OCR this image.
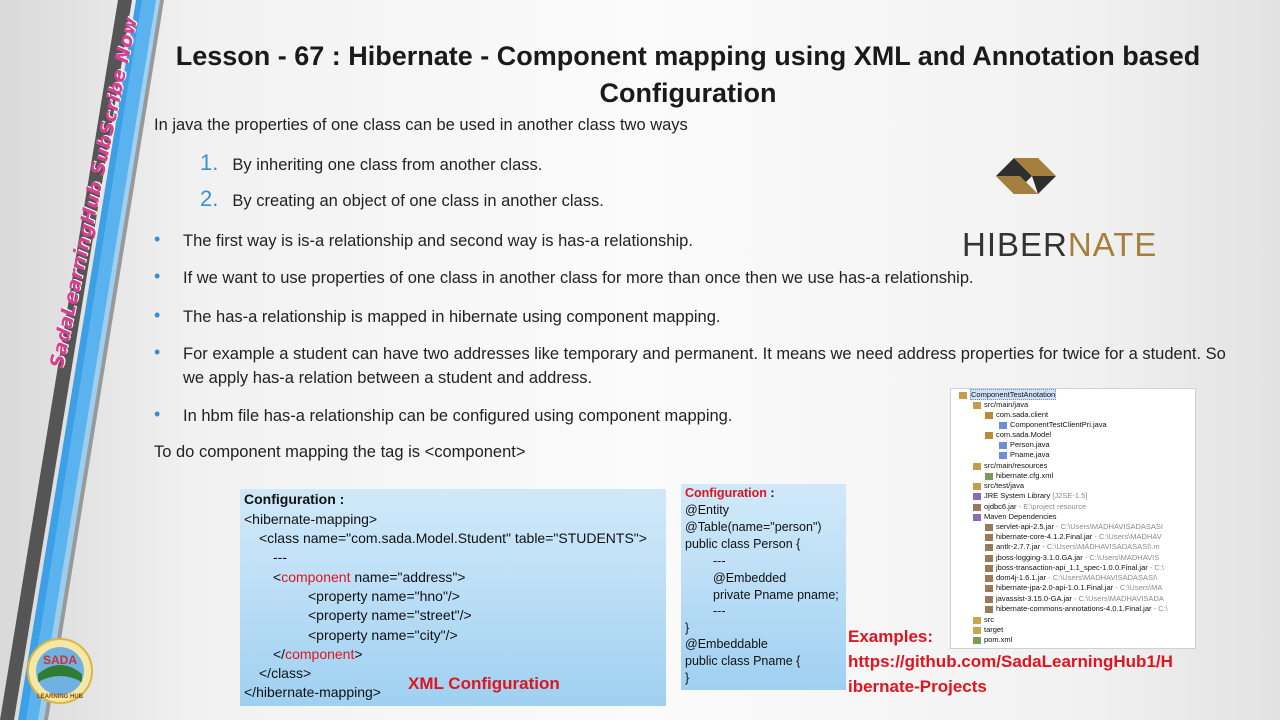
SadaLearningHub SubScribe Now	Lesson - 67 : Hibernate - Component mapping using XML and Annotation based Configuration
In java the properties of one class can be used in another class two ways
1. By inheriting one class from another class.
2. By creating an object of one class in another class.
• The first way is is-a relationship and second way is has-a relationship.
• If we want to use properties of one class in another class for more than once then we use has-a relationship.
• The has-a relationship is mapped in hibernate using component mapping.
• For example a student can have two addresses like temporary and permanent. It means we need address properties for twice for a student. So we apply has-a relation between a student and address.
• In hbm file has-a relationship can be configured using component mapping.
To do component mapping the tag is <component>
HIBERNATE
Configuration :
<hibernate-mapping>
<class name="com.sada.Model.Student" table="STUDENTS">
---
<component name="address">
<property name="hno"/>
<property name="street"/>
<property name="city"/>
</component>
</class>
</hibernate-mapping> XML Configuration
Configuration :
@Entity
@Table(name="person")
public class Person {
---
@Embedded
private Pname pname;
---
}
@Embeddable
public class Pname {
}
ComponentTestAnotation
src/main/java
com.sada.client
ComponentTestClientPri.java
com.sada.Model
Person.java
Pname.java
src/main/resources
hibernate.cfg.xml
src/test/java
JRE System Library [J2SE-1.5]
ojdbc6.jar - E:\project resource
Maven Dependencies
servlet-api-2.5.jar - C:\Users\MADHAVISADASASI
hibernate-core-4.1.2.Final.jar - C:\Users\MADHAV
antlr-2.7.7.jar - C:\Users\MADHAVISADASASI\.m
jboss-logging-3.1.0.GA.jar - C:\Users\MADHAVIS
jboss-transaction-api_1.1_spec-1.0.0.Final.jar - C:\
dom4j-1.6.1.jar - C:\Users\MADHAVISADASASI\
hibernate-jpa-2.0-api-1.0.1.Final.jar - C:\Users\MA
javassist-3.15.0-GA.jar - C:\Users\MADHAVISADA
hibernate-commons-annotations-4.0.1.Final.jar - C:\
src
target
pom.xml
Examples:
https://github.com/SadaLearningHub1/H
ibernate-Projects
SADA
LEARNING HUB
